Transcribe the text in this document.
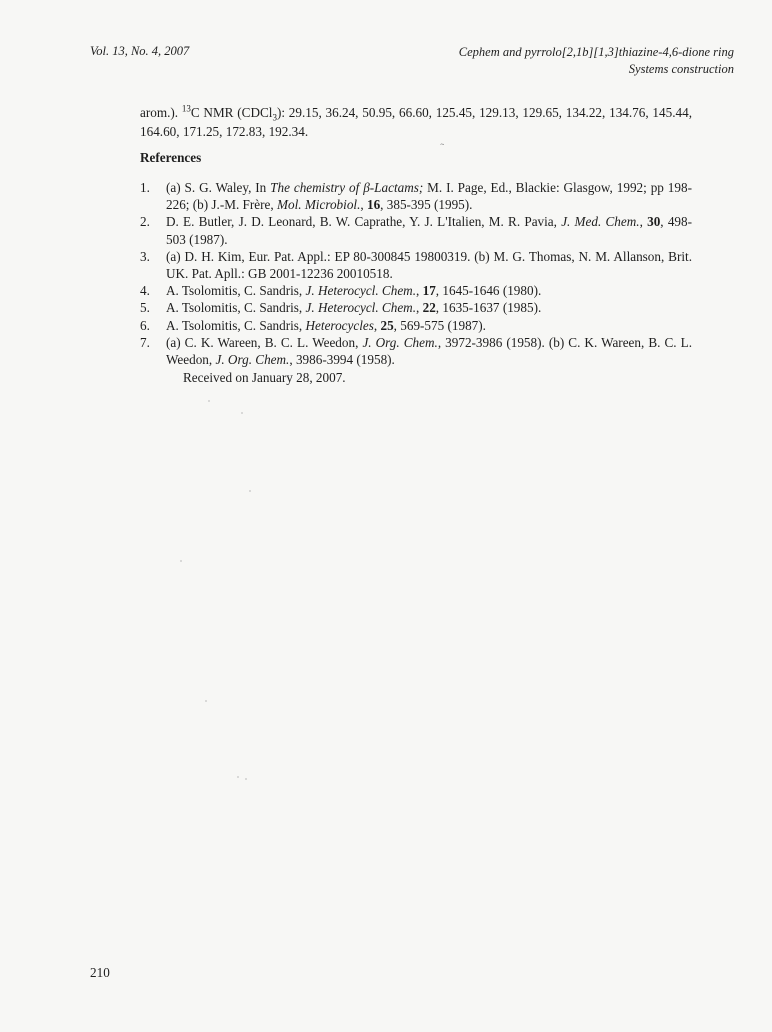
Vol. 13, No. 4, 2007	Cephem and pyrrolo[2,1b][1,3]thiazine-4,6-dione ring
Systems construction
arom.). $^{13}$C NMR (CDCl$_3$): 29.15, 36.24, 50.95, 66.60, 125.45, 129.13, 129.65, 134.22, 134.76, 145.44, 164.60, 171.25, 172.83, 192.34.
References
ˆ̇
1. (a) S. G. Waley, In The chemistry of β-Lactams; M. I. Page, Ed., Blackie: Glasgow, 1992; pp 198-226; (b) J.-M. Frère, Mol. Microbiol., 16, 385-395 (1995).
2. D. E. Butler, J. D. Leonard, B. W. Caprathe, Y. J. L'Italien, M. R. Pavia, J. Med. Chem., 30, 498-503 (1987).
3. (a) D. H. Kim, Eur. Pat. Appl.: EP 80-300845 19800319. (b) M. G. Thomas, N. M. Allanson, Brit. UK. Pat. Apll.: GB 2001-12236 20010518.
4. A. Tsolomitis, C. Sandris, J. Heterocycl. Chem., 17, 1645-1646 (1980).
5. A. Tsolomitis, C. Sandris, J. Heterocycl. Chem., 22, 1635-1637 (1985).
6. A. Tsolomitis, C. Sandris, Heterocycles, 25, 569-575 (1987).
7. (a) C. K. Wareen, B. C. L. Weedon, J. Org. Chem., 3972-3986 (1958). (b) C. K. Wareen, B. C. L. Weedon, J. Org. Chem., 3986-3994 (1958).
Received on January 28, 2007.
210
